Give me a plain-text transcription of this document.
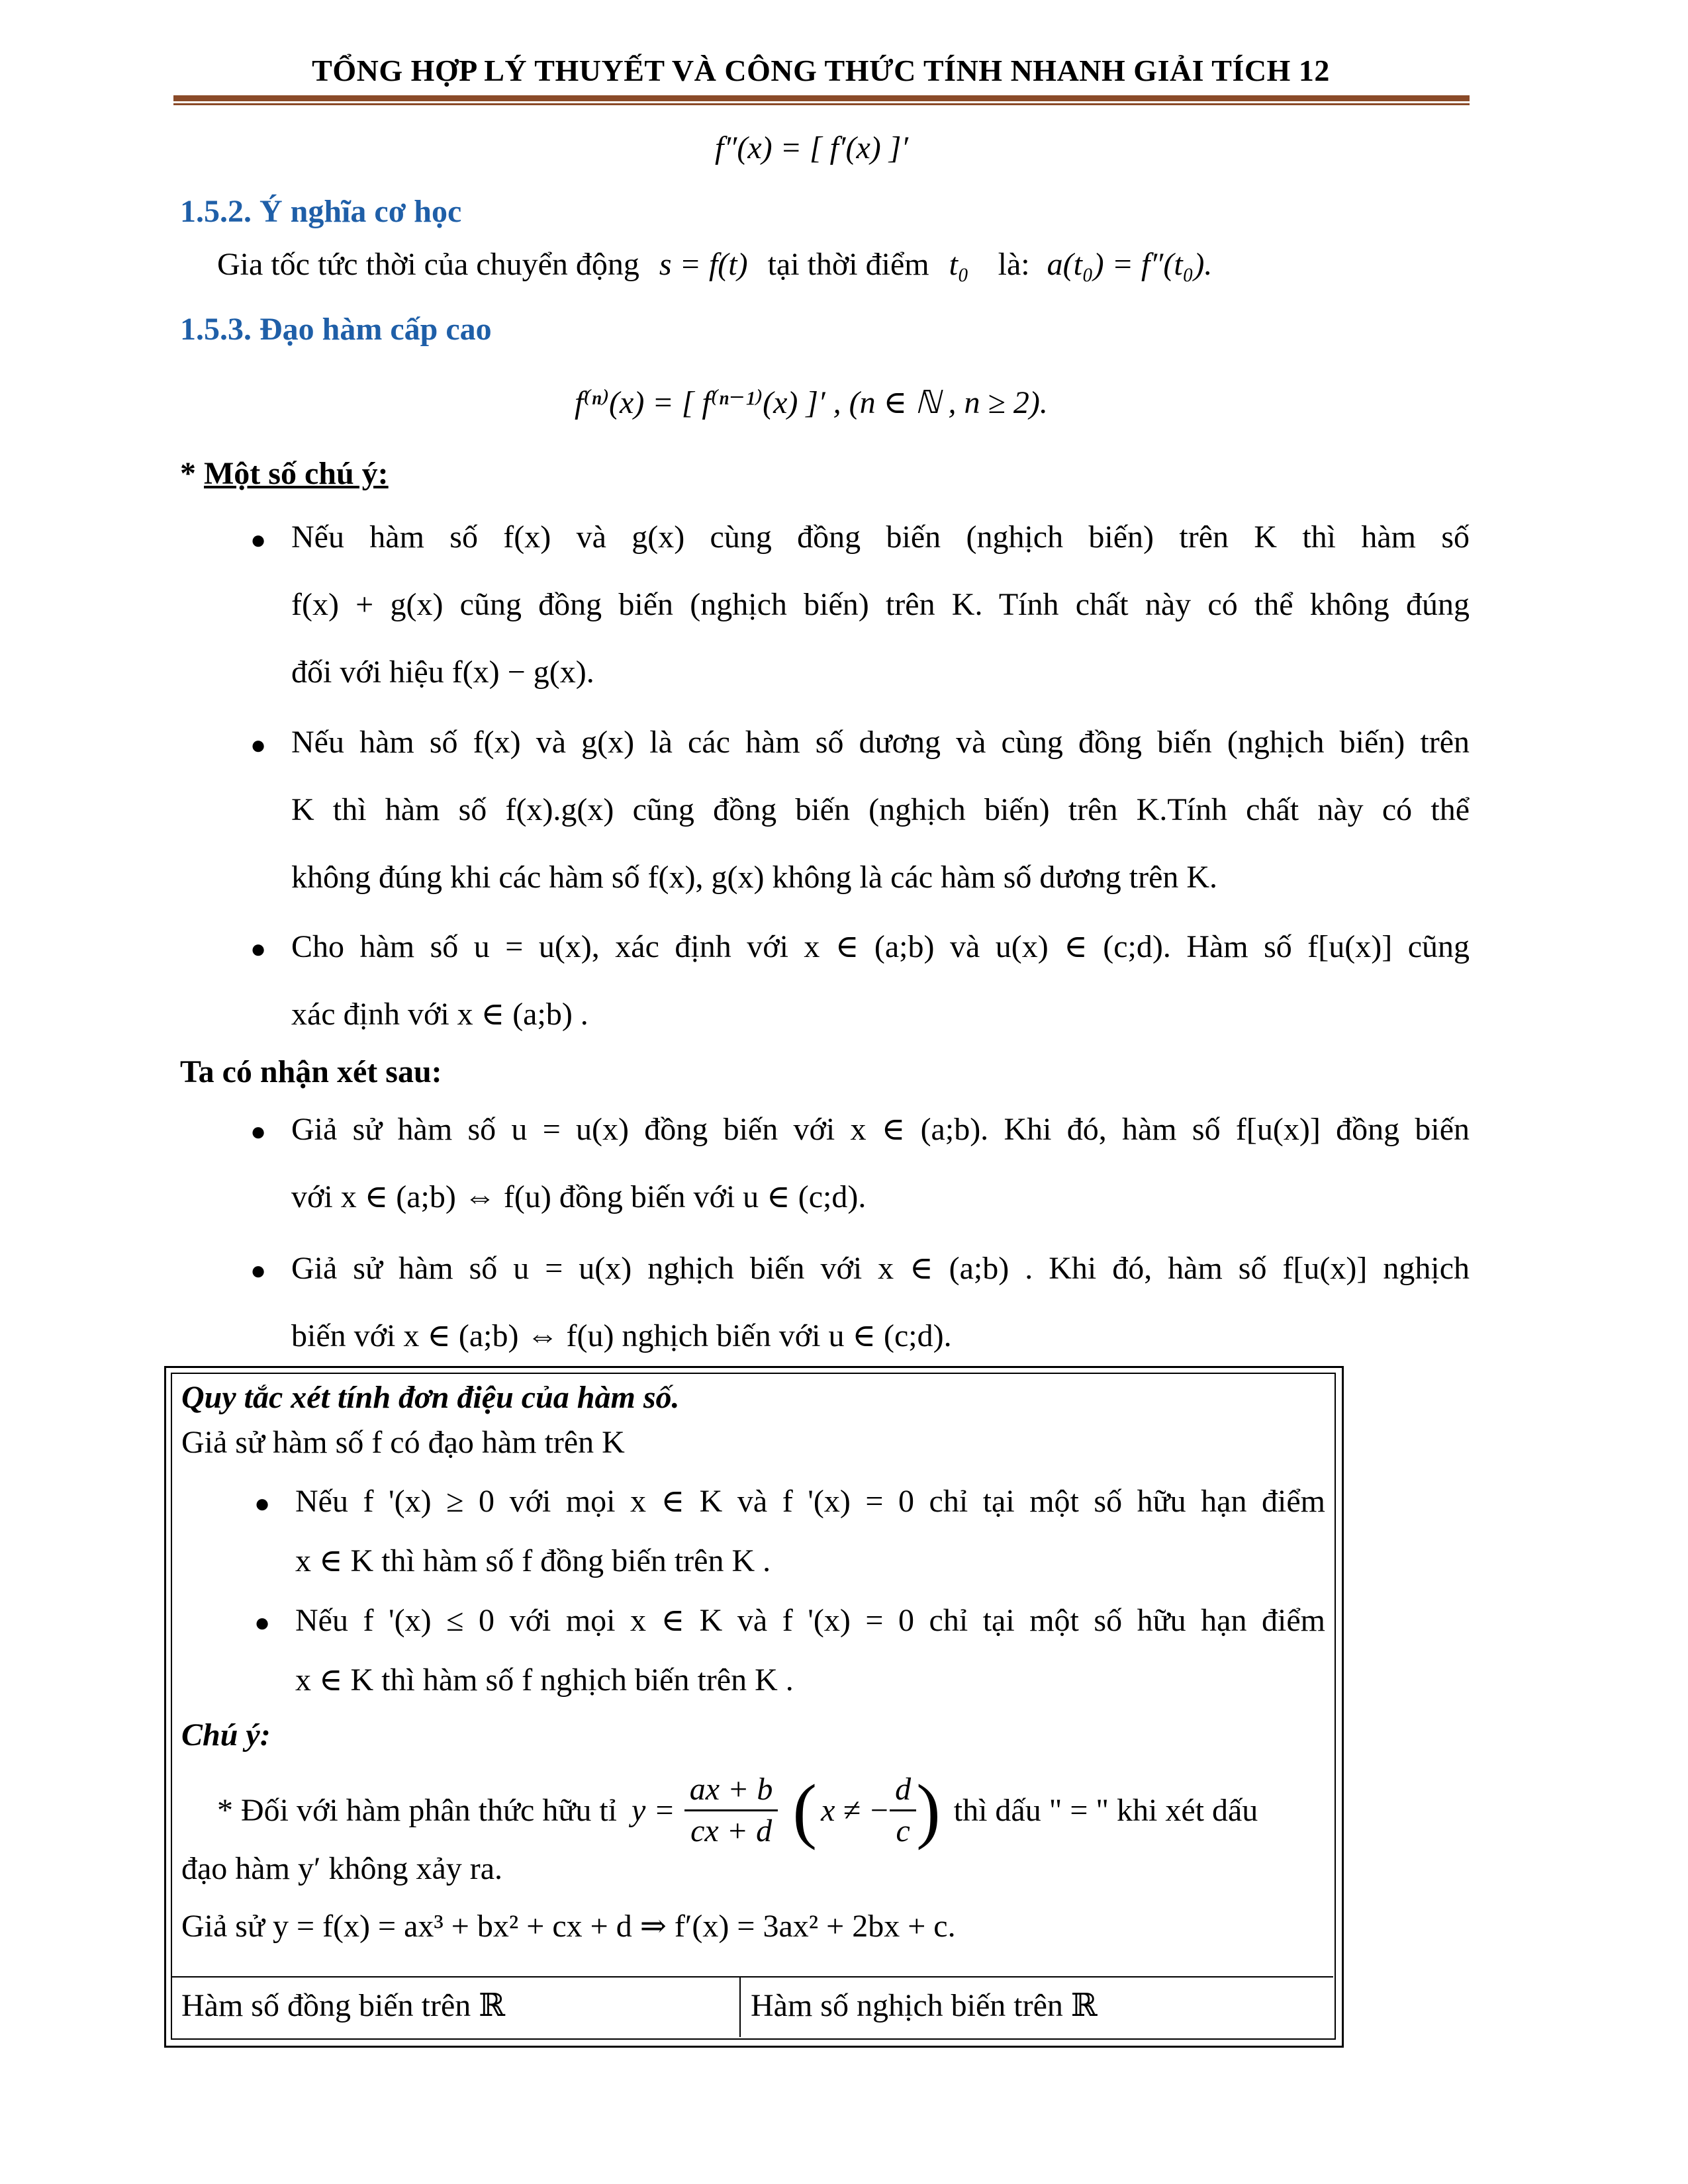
TỔNG HỢP LÝ THUYẾT VÀ CÔNG THỨC TÍNH NHANH GIẢI TÍCH 12
f″(x) = [ f′(x) ]′
1.5.2. Ý nghĩa cơ học
Gia tốc tức thời của chuyển động s = f(t) tại thời điểm t₀ là: a(t₀) = f″(t₀).
1.5.3. Đạo hàm cấp cao
f⁽ⁿ⁾(x) = [ f⁽ⁿ⁻¹⁾(x) ]′ , (n ∈ ℕ , n ≥ 2).
* Một số chú ý:
● Nếu hàm số f(x) và g(x) cùng đồng biến (nghịch biến) trên K thì hàm số
f(x) + g(x) cũng đồng biến (nghịch biến) trên K. Tính chất này có thể không đúng
đối với hiệu f(x) − g(x).
● Nếu hàm số f(x) và g(x) là các hàm số dương và cùng đồng biến (nghịch biến) trên
K thì hàm số f(x).g(x) cũng đồng biến (nghịch biến) trên K.Tính chất này có thể
không đúng khi các hàm số f(x), g(x) không là các hàm số dương trên K.
● Cho hàm số u = u(x), xác định với x ∈ (a;b) và u(x) ∈ (c;d). Hàm số f[u(x)] cũng
xác định với x ∈ (a;b) .
Ta có nhận xét sau:
● Giả sử hàm số u = u(x) đồng biến với x ∈ (a;b). Khi đó, hàm số f[u(x)] đồng biến
với x ∈ (a;b) ⇔ f(u) đồng biến với u ∈ (c;d).
● Giả sử hàm số u = u(x) nghịch biến với x ∈ (a;b) . Khi đó, hàm số f[u(x)] nghịch
biến với x ∈ (a;b) ⇔ f(u) nghịch biến với u ∈ (c;d).
Quy tắc xét tính đơn điệu của hàm số.
Giả sử hàm số f có đạo hàm trên K
● Nếu f '(x) ≥ 0 với mọi x ∈ K và f '(x) = 0 chỉ tại một số hữu hạn điểm
x ∈ K thì hàm số f đồng biến trên K .
● Nếu f '(x) ≤ 0 với mọi x ∈ K và f '(x) = 0 chỉ tại một số hữu hạn điểm
x ∈ K thì hàm số f nghịch biến trên K .
Chú ý:
* Đối với hàm phân thức hữu tỉ $y = \frac{ax + b}{cx + d}$ ( x ≠ − $\frac{d}{c}$ ) thì dấu " = " khi xét dấu
đạo hàm y′ không xảy ra.
Giả sử y = f(x) = ax³ + bx² + cx + d ⇒ f′(x) = 3ax² + 2bx + c.
Hàm số đồng biến trên ℝ	Hàm số nghịch biến trên ℝ
